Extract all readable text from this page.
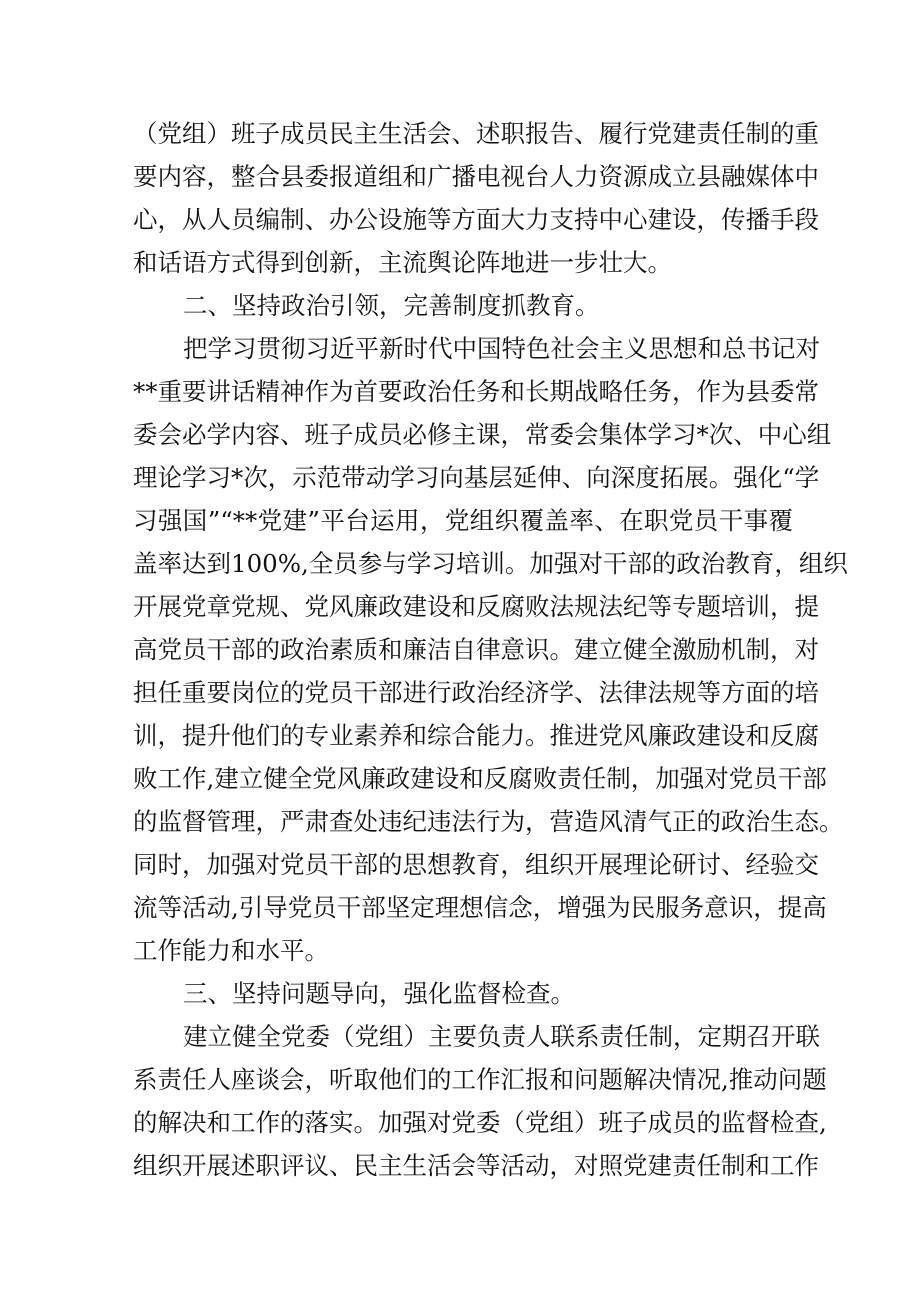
（党组）班子成员民主生活会、述职报告、履行党建责任制的重
要内容，整合县委报道组和广播电视台人力资源成立县融媒体中
心，从人员编制、办公设施等方面大力支持中心建设，传播手段
和话语方式得到创新，主流舆论阵地进一步壮大。
二、坚持政治引领，完善制度抓教育。
把学习贯彻习近平新时代中国特色社会主义思想和总书记对
**重要讲话精神作为首要政治任务和长期战略任务，作为县委常
委会必学内容、班子成员必修主课，常委会集体学习*次、中心组
理论学习*次，示范带动学习向基层延伸、向深度拓展。强化“学
习强国”“**党建”平台运用，党组织覆盖率、在职党员干事覆
盖率达到100%,全员参与学习培训。加强对干部的政治教育，组织
开展党章党规、党风廉政建设和反腐败法规法纪等专题培训，提
高党员干部的政治素质和廉洁自律意识。建立健全激励机制，对
担任重要岗位的党员干部进行政治经济学、法律法规等方面的培
训，提升他们的专业素养和综合能力。推进党风廉政建设和反腐
败工作,建立健全党风廉政建设和反腐败责任制，加强对党员干部
的监督管理，严肃查处违纪违法行为，营造风清气正的政治生态。
同时，加强对党员干部的思想教育，组织开展理论研讨、经验交
流等活动,引导党员干部坚定理想信念，增强为民服务意识，提高
工作能力和水平。
三、坚持问题导向，强化监督检查。
建立健全党委（党组）主要负责人联系责任制，定期召开联
系责任人座谈会，听取他们的工作汇报和问题解决情况,推动问题
的解决和工作的落实。加强对党委（党组）班子成员的监督检查,
组织开展述职评议、民主生活会等活动，对照党建责任制和工作
